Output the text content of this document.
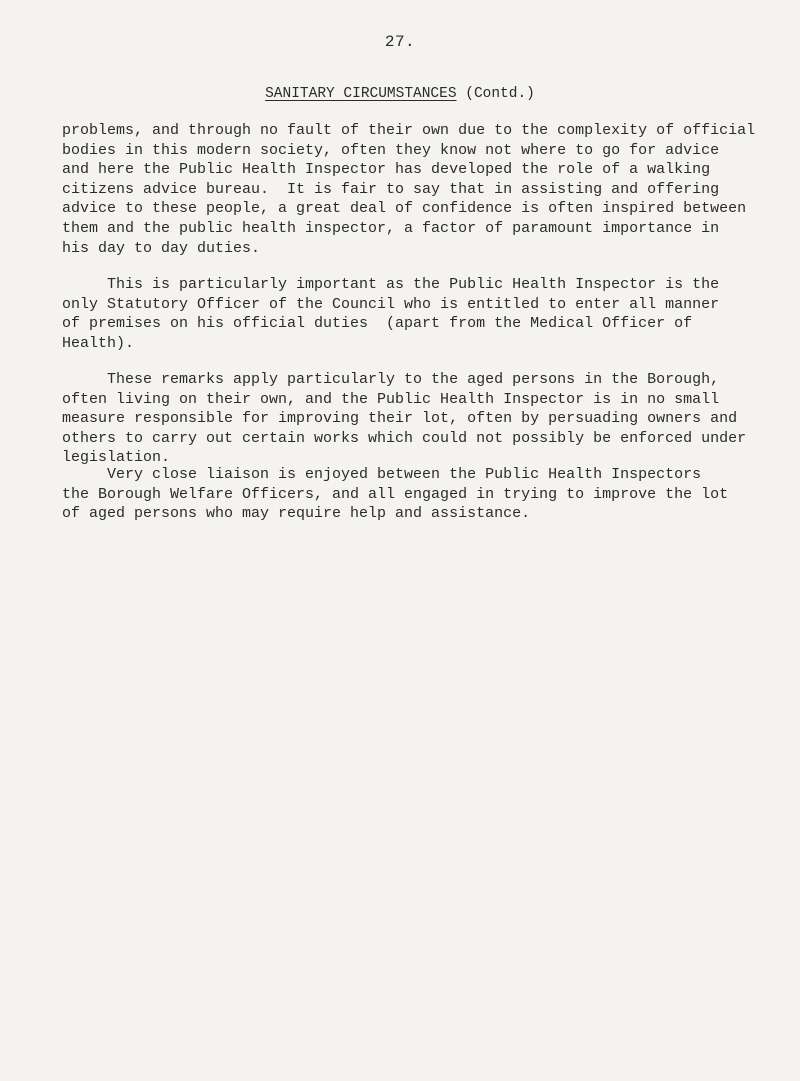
27.
SANITARY CIRCUMSTANCES (Contd.)
problems, and through no fault of their own due to the complexity of official
bodies in this modern society, often they know not where to go for advice
and here the Public Health Inspector has developed the role of a walking
citizens advice bureau.  It is fair to say that in assisting and offering
advice to these people, a great deal of confidence is often inspired between
them and the public health inspector, a factor of paramount importance in
his day to day duties.
This is particularly important as the Public Health Inspector is the
only Statutory Officer of the Council who is entitled to enter all manner
of premises on his official duties  (apart from the Medical Officer of
Health).
These remarks apply particularly to the aged persons in the Borough,
often living on their own, and the Public Health Inspector is in no small
measure responsible for improving their lot, often by persuading owners and
others to carry out certain works which could not possibly be enforced under
legislation.
Very close liaison is enjoyed between the Public Health Inspectors
the Borough Welfare Officers, and all engaged in trying to improve the lot
of aged persons who may require help and assistance.
